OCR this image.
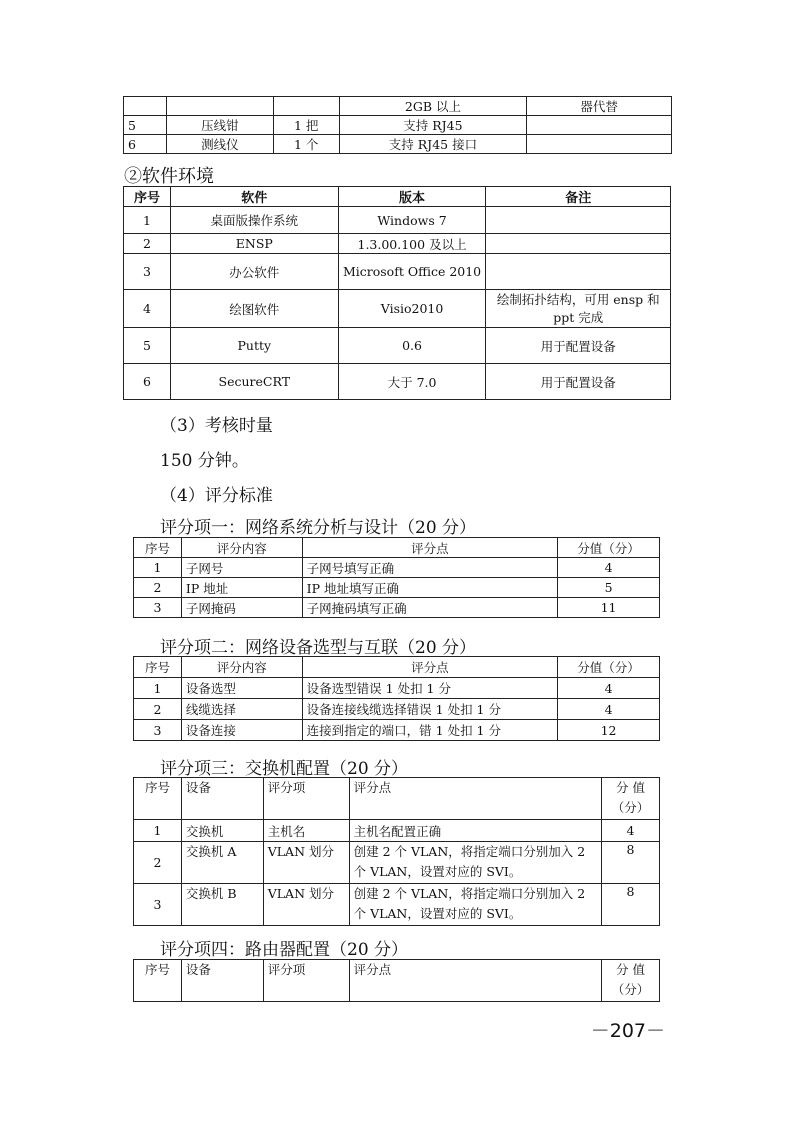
			2GB 以上	器代替
5	压线钳	1 把	支持 RJ45	
6	测线仪	1 个	支持 RJ45 接口	
②软件环境
序号	软件	版本	备注
1	桌面版操作系统	Windows 7	
2	ENSP	1.3.00.100 及以上	
3	办公软件	Microsoft Office 2010	
4	绘图软件	Visio2010	绘制拓扑结构，可用 ensp 和 ppt 完成
5	Putty	0.6	用于配置设备
6	SecureCRT	大于 7.0	用于配置设备
（3）考核时量
150 分钟。
（4）评分标准
评分项一：网络系统分析与设计（20 分）
序号	评分内容	评分点	分值（分）
1	子网号	子网号填写正确	4
2	IP 地址	IP 地址填写正确	5
3	子网掩码	子网掩码填写正确	11
评分项二：网络设备选型与互联（20 分）
序号	评分内容	评分点	分值（分）
1	设备选型	设备选型错误 1 处扣 1 分	4
2	线缆选择	设备连接线缆选择错误 1 处扣 1 分	4
3	设备连接	连接到指定的端口，错 1 处扣 1 分	12
评分项三：交换机配置（20 分）
序号	设备	评分项	评分点	分 值（分）
1	交换机	主机名	主机名配置正确	4
2	交换机 A	VLAN 划分	创建 2 个 VLAN，将指定端口分别加入 2 个 VLAN，设置对应的 SVI。	8
3	交换机 B	VLAN 划分	创建 2 个 VLAN，将指定端口分别加入 2 个 VLAN，设置对应的 SVI。	8
评分项四：路由器配置（20 分）
序号	设备	评分项	评分点	分 值（分）
－207－
